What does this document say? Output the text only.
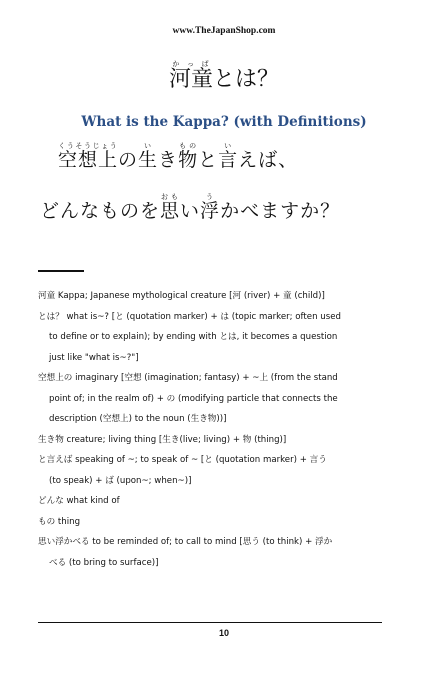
www.TheJapanShop.com
河童かっぱとは？
What is the Kappa? (with Definitions)
空想上くうそうじょうの生いき物ものと言いえば、
どんなものを思おもい浮うかべますか？
河童 Kappa; Japanese mythological creature [河 (river) + 童 (child)]
とは？ what is~? [と (quotation marker) + は (topic marker; often used
to define or to explain); by ending with とは, it becomes a question
just like "what is~?"]
空想上の imaginary [空想 (imagination; fantasy) + ~上 (from the stand
point of; in the realm of) + の (modifying particle that connects the
description (空想上) to the noun (生き物))]
生き物 creature; living thing [生き(live; living) + 物 (thing)]
と言えば speaking of ~; to speak of ~ [と (quotation marker) + 言う
(to speak) + ば (upon~; when~)]
どんな what kind of
もの thing
思い浮かべる to be reminded of; to call to mind [思う (to think) + 浮か
べる (to bring to surface)]
10
